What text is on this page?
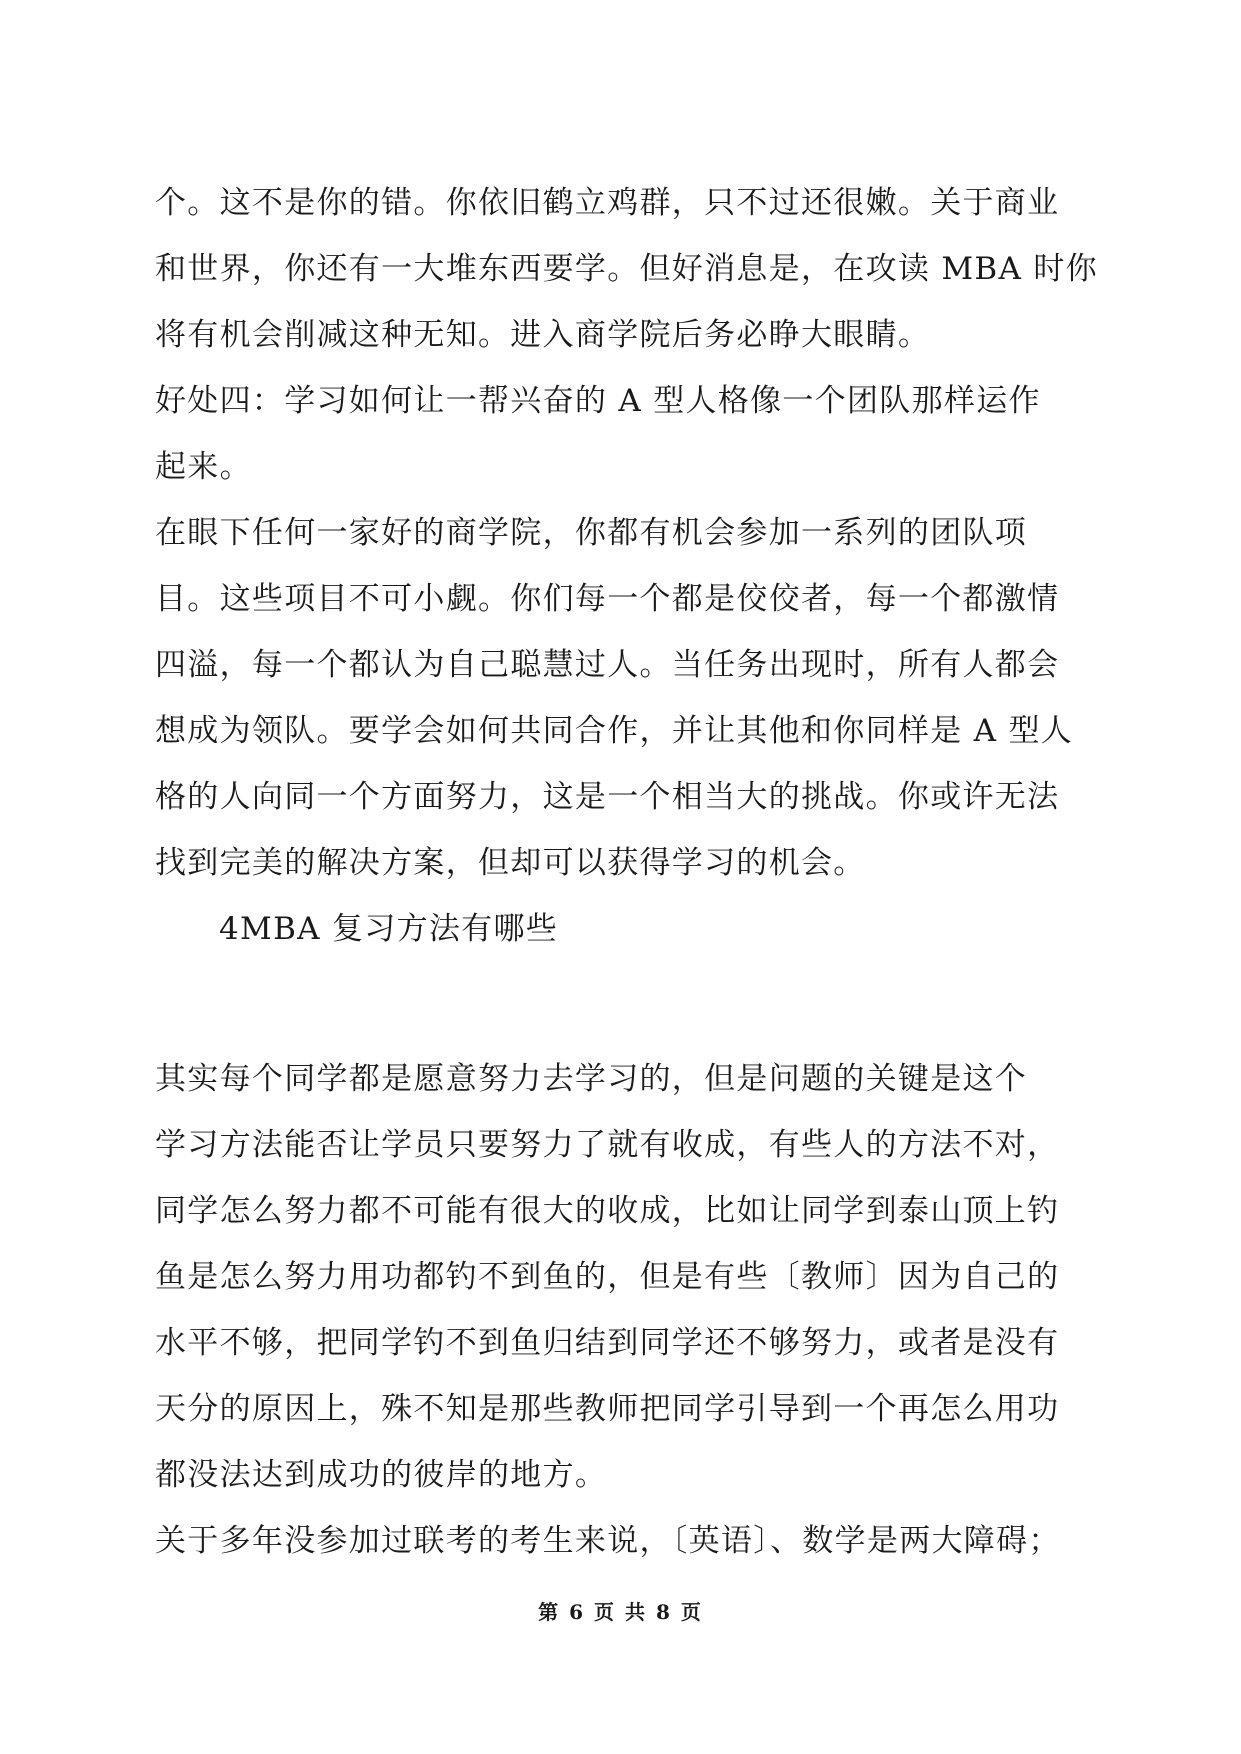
个。这不是你的错。你依旧鹤立鸡群，只不过还很嫩。关于商业
和世界，你还有一大堆东西要学。但好消息是，在攻读 MBA 时你
将有机会削减这种无知。进入商学院后务必睁大眼睛。
好处四：学习如何让一帮兴奋的 A 型人格像一个团队那样运作
起来。
在眼下任何一家好的商学院，你都有机会参加一系列的团队项
目。这些项目不可小觑。你们每一个都是佼佼者，每一个都激情
四溢，每一个都认为自己聪慧过人。当任务出现时，所有人都会
想成为领队。要学会如何共同合作，并让其他和你同样是 A 型人
格的人向同一个方面努力，这是一个相当大的挑战。你或许无法
找到完美的解决方案，但却可以获得学习的机会。
4MBA 复习方法有哪些
其实每个同学都是愿意努力去学习的，但是问题的关键是这个
学习方法能否让学员只要努力了就有收成，有些人的方法不对，
同学怎么努力都不可能有很大的收成，比如让同学到泰山顶上钓
鱼是怎么努力用功都钓不到鱼的，但是有些〔教师〕因为自己的
水平不够，把同学钓不到鱼归结到同学还不够努力，或者是没有
天分的原因上，殊不知是那些教师把同学引导到一个再怎么用功
都没法达到成功的彼岸的地方。
关于多年没参加过联考的考生来说，〔英语〕、数学是两大障碍；
第 6 页 共 8 页
